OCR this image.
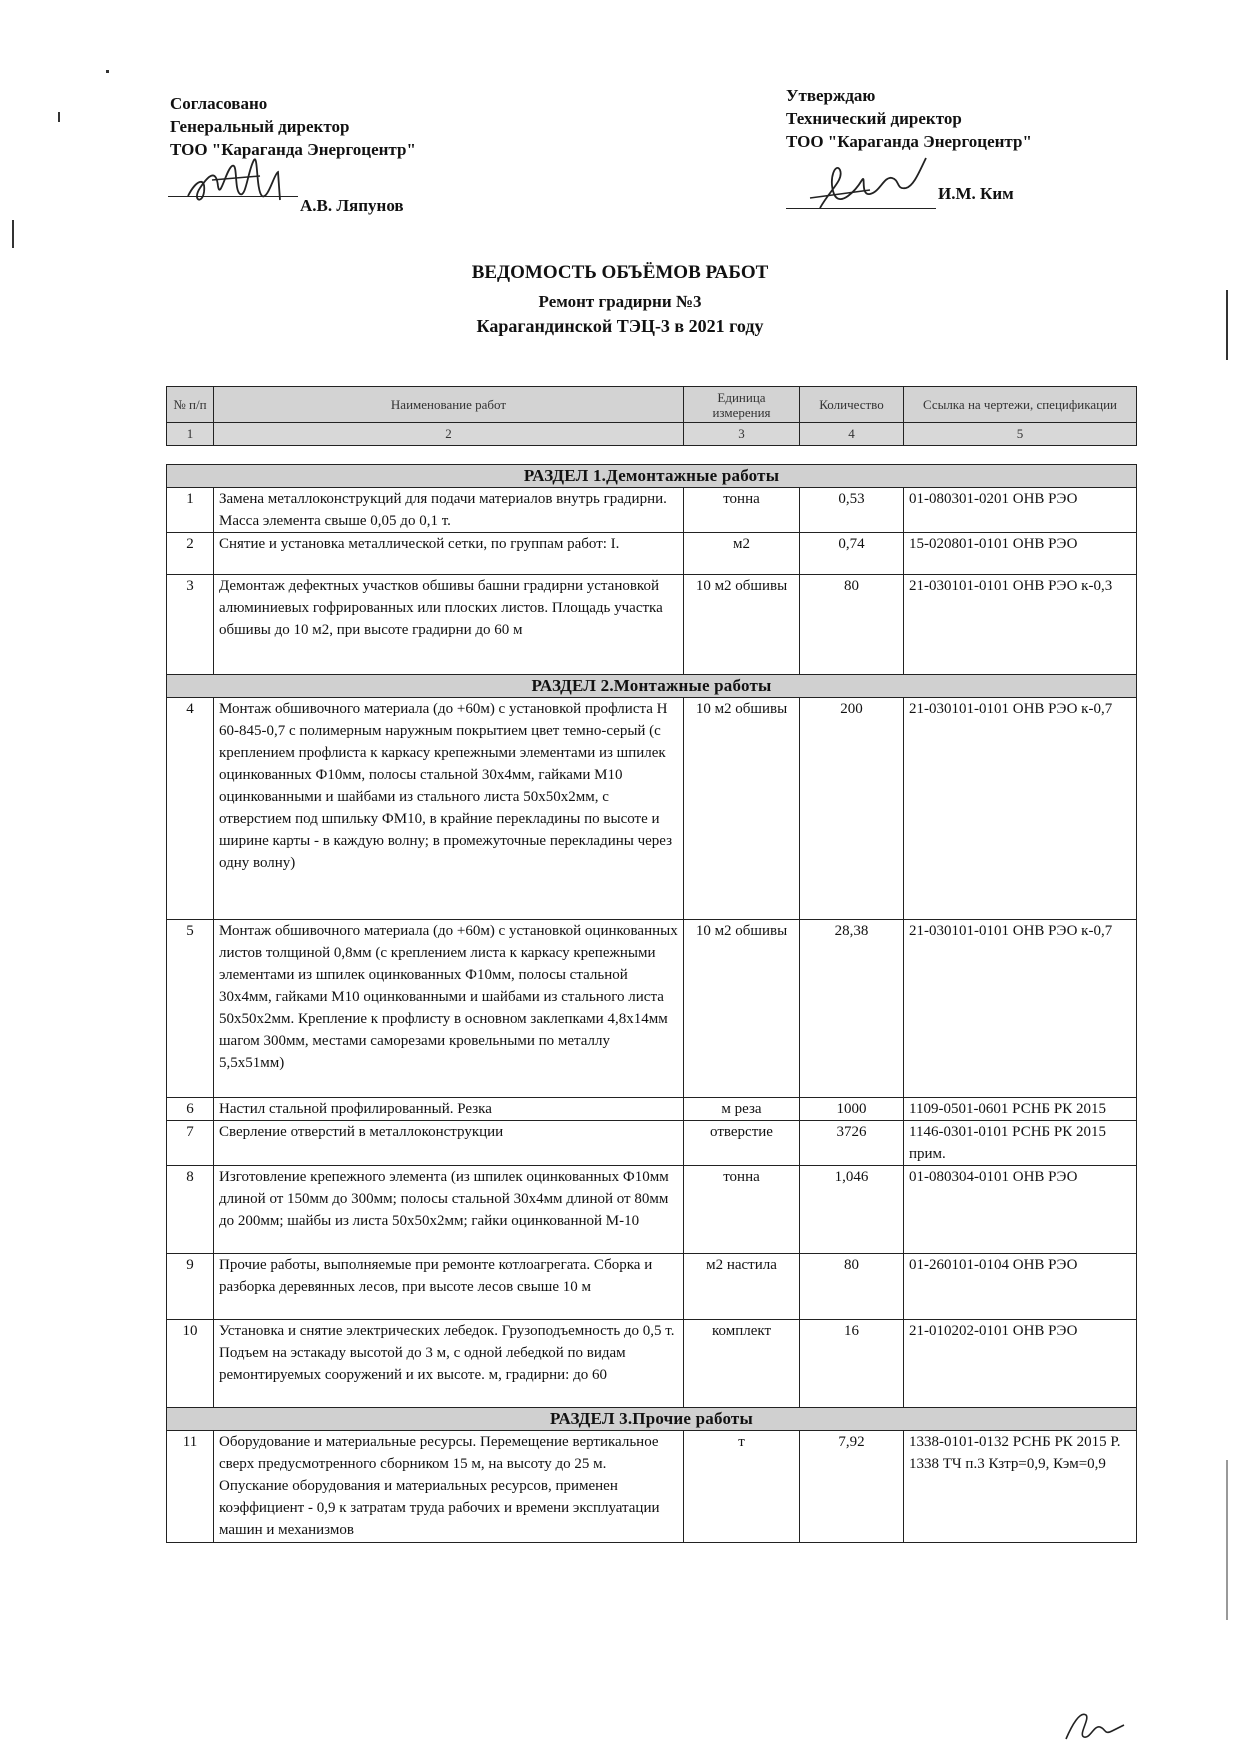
Согласовано
Генеральный директор
ТОО "Караганда Энергоцентр"
А.В. Ляпунов
Утверждаю
Технический директор
ТОО "Караганда Энергоцентр"
И.М. Ким
ВЕДОМОСТЬ ОБЪЁМОВ РАБОТ
Ремонт градирни №3
Карагандинской ТЭЦ-3 в 2021 году
№ п/п	Наименование работ	Единица измерения	Количество	Ссылка на чертежи, спецификации
1	2	3	4	5

РАЗДЕЛ 1.Демонтажные работы				
1	Замена металлоконструкций для подачи материалов внутрь градирни. Масса элемента свыше 0,05 до 0,1 т.	тонна	0,53	01-080301-0201 ОНВ РЭО
2	Снятие и установка металлической сетки, по группам работ: I.	м2	0,74	15-020801-0101 ОНВ РЭО
3	Демонтаж дефектных участков обшивы башни градирни установкой алюминиевых гофрированных или плоских листов. Площадь участка обшивы до 10 м2, при высоте градирни до 60 м	10 м2 обшивы	80	21-030101-0101 ОНВ РЭО к-0,3
РАЗДЕЛ 2.Монтажные работы				
4	Монтаж обшивочного материала (до +60м) с установкой профлиста Н 60-845-0,7 с полимерным наружным покрытием цвет темно-серый (с креплением профлиста к каркасу крепежными элементами из шпилек оцинкованных Ф10мм, полосы стальной 30х4мм, гайками М10 оцинкованными и шайбами из стального листа 50х50х2мм, с отверстием под шпильку ФМ10, в крайние перекладины по высоте и ширине карты - в каждую волну; в промежуточные перекладины через одну волну)	10 м2 обшивы	200	21-030101-0101 ОНВ РЭО к-0,7
5	Монтаж обшивочного материала (до +60м) с установкой оцинкованных листов толщиной 0,8мм (с креплением листа к каркасу крепежными элементами из шпилек оцинкованных Ф10мм, полосы стальной 30х4мм, гайками М10 оцинкованными и шайбами из стального листа 50х50х2мм. Крепление к профлисту в основном заклепками 4,8х14мм шагом 300мм, местами саморезами кровельными по металлу 5,5х51мм)	10 м2 обшивы	28,38	21-030101-0101 ОНВ РЭО к-0,7
6	Настил стальной профилированный. Резка	м реза	1000	1109-0501-0601 РСНБ РК 2015
7	Сверление отверстий в металлоконструкции	отверстие	3726	1146-0301-0101 РСНБ РК 2015 прим.
8	Изготовление крепежного элемента (из шпилек оцинкованных Ф10мм длиной от 150мм до 300мм; полосы стальной 30х4мм длиной от 80мм до 200мм; шайбы из листа 50х50х2мм; гайки оцинкованной М-10	тонна	1,046	01-080304-0101 ОНВ РЭО
9	Прочие работы, выполняемые при ремонте котлоагрегата. Сборка и разборка деревянных лесов, при высоте лесов свыше 10 м	м2 настила	80	01-260101-0104 ОНВ РЭО
10	Установка и снятие электрических лебедок. Грузоподъемность до 0,5 т. Подъем на эстакаду высотой до 3 м, с одной лебедкой по видам ремонтируемых сооружений и их высоте. м, градирни: до 60	комплект	16	21-010202-0101 ОНВ РЭО
РАЗДЕЛ 3.Прочие работы				
11	Оборудование и материальные ресурсы. Перемещение вертикальное сверх предусмотренного сборником 15 м, на высоту до 25 м. Опускание оборудования и материальных ресурсов, применен коэффициент - 0,9 к затратам труда рабочих и времени эксплуатации машин и механизмов	т	7,92	1338-0101-0132 РСНБ РК 2015 Р. 1338 ТЧ п.3 Кзтр=0,9, Кэм=0,9
